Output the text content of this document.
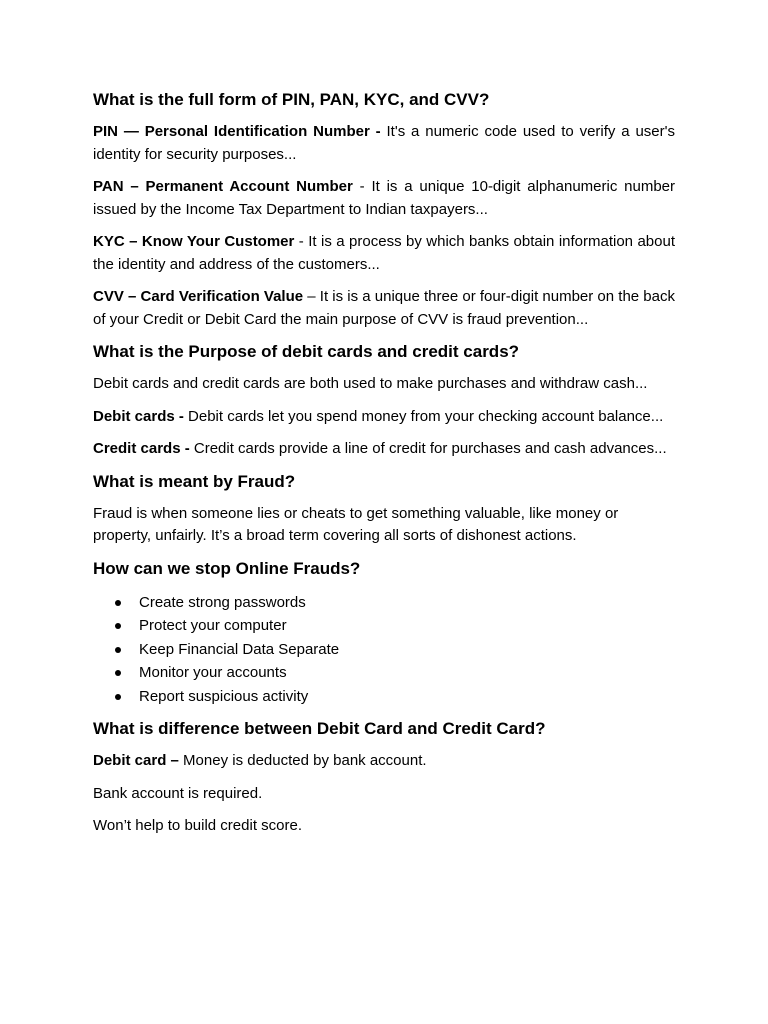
What is the full form of PIN, PAN, KYC, and CVV?

PIN — Personal Identification Number - It's a numeric code used to verify a user's identity for security purposes...

PAN – Permanent Account Number - It is a unique 10-digit alphanumeric number issued by the Income Tax Department to Indian taxpayers...

KYC – Know Your Customer - It is a process by which banks obtain information about the identity and address of the customers...

CVV – Card Verification Value – It is is a unique three or four-digit number on the back of your Credit or Debit Card the main purpose of CVV is fraud prevention...

What is the Purpose of debit cards and credit cards?

Debit cards and credit cards are both used to make purchases and withdraw cash...

Debit cards - Debit cards let you spend money from your checking account balance...

Credit cards - Credit cards provide a line of credit for purchases and cash advances...

What is meant by Fraud?

Fraud is when someone lies or cheats to get something valuable, like money or property, unfairly. It’s a broad term covering all sorts of dishonest actions.

How can we stop Online Frauds?
Create strong passwords
Protect your computer
Keep Financial Data Separate
Monitor your accounts
Report suspicious activity
What is difference between Debit Card and Credit Card?

Debit card – Money is deducted by bank account.

Bank account is required.

Won’t help to build credit score.
